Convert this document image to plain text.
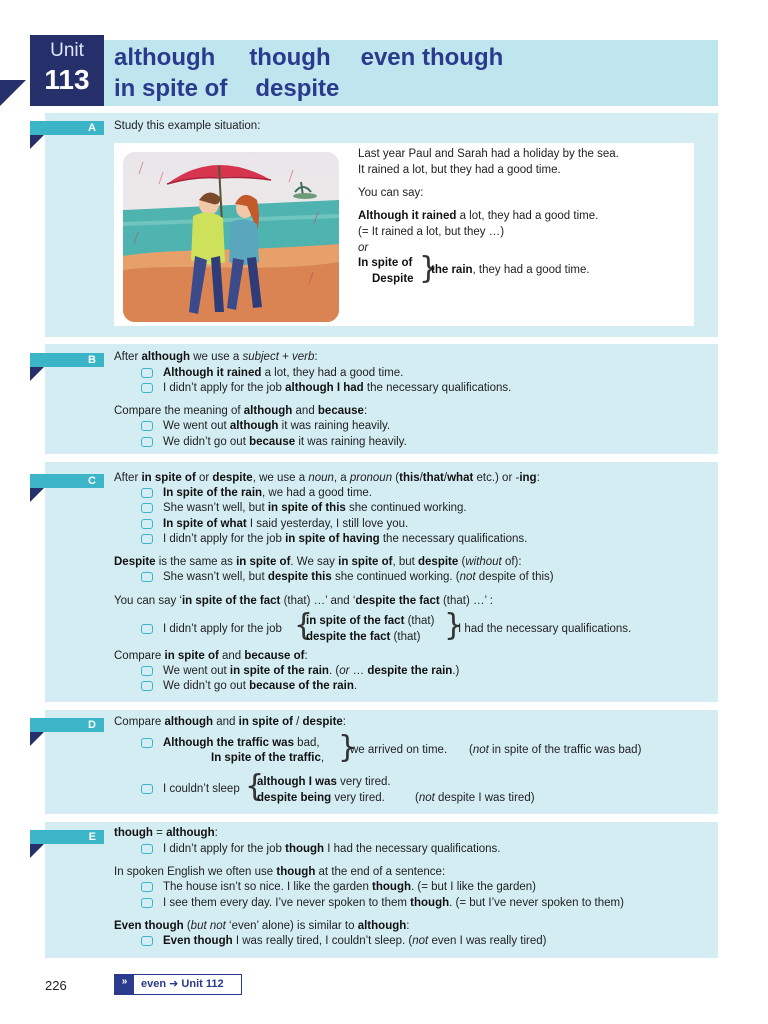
Unit
113
although though even though
in spite of despite
A
B
C
D
E
Study this example situation:
Last year Paul and Sarah had a holiday by the sea.
It rained a lot, but they had a good time.
You can say:
Although it rained a lot, they had a good time.
(= It rained a lot, but they …)
or
In spite of
Despite }
the rain, they had a good time.
After although we use a subject + verb:
Although it rained a lot, they had a good time.
I didn’t apply for the job although I had the necessary qualifications.
Compare the meaning of although and because:
We went out although it was raining heavily.
We didn’t go out because it was raining heavily.
After in spite of or despite, we use a noun, a pronoun (this/that/what etc.) or -ing:
In spite of the rain, we had a good time.
She wasn’t well, but in spite of this she continued working.
In spite of what I said yesterday, I still love you.
I didn’t apply for the job in spite of having the necessary qualifications.
Despite is the same as in spite of. We say in spite of, but despite (without of):
She wasn’t well, but despite this she continued working. (not despite of this)
You can say ‘in spite of the fact (that) …’ and ‘despite the fact (that) …’ :
I didn’t apply for the job {
in spite of the fact (that)
despite the fact (that) }
I had the necessary qualifications.
Compare in spite of and because of:
We went out in spite of the rain. (or … despite the rain.)
We didn’t go out because of the rain.
Compare although and in spite of / despite:
Although the traffic was bad,
In spite of the traffic, }
we arrived on time. (not in spite of the traffic was bad)
I couldn’t sleep {
although I was very tired.
despite being very tired.	(not despite I was tired)
though = although:
I didn’t apply for the job though I had the necessary qualifications.
In spoken English we often use though at the end of a sentence:
The house isn’t so nice. I like the garden though. (= but I like the garden)
I see them every day. I’ve never spoken to them though. (= but I’ve never spoken to them)
Even though (but not ‘even’ alone) is similar to although:
Even though I was really tired, I couldn’t sleep. (not even I was really tired)
226	»	even ➜ Unit 112
